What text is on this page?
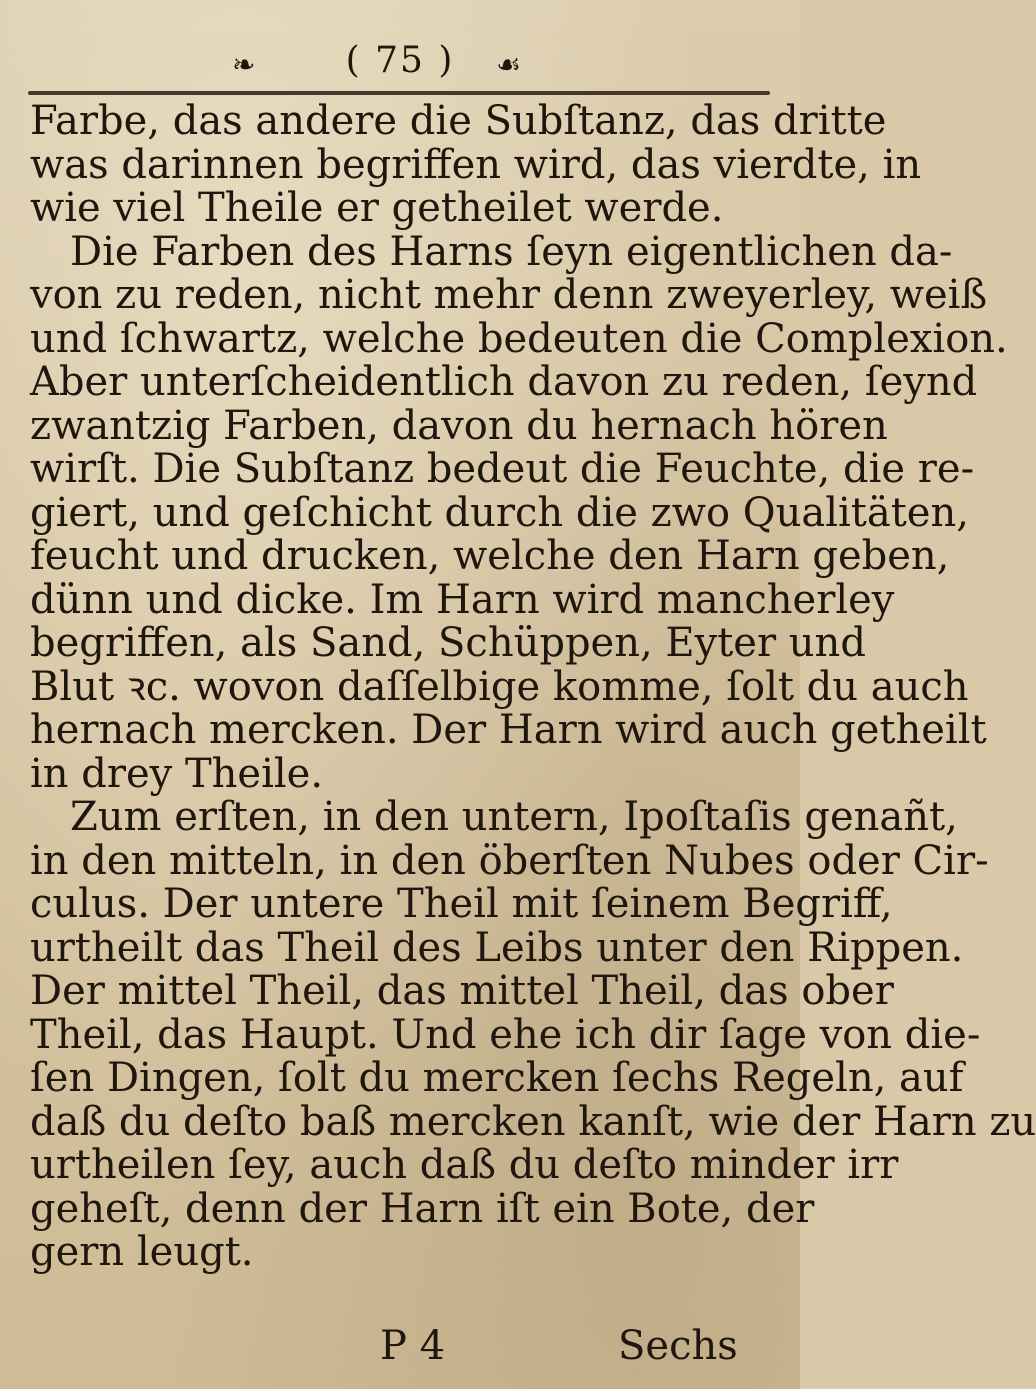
❧	( 75 )	☙
Farbe, das andere die Subſtanz, das dritte
was darinnen begriffen wird, das vierdte, in
wie viel Theile er getheilet werde.
Die Farben des Harns ſeyn eigentlichen da-
von zu reden, nicht mehr denn zweyerley, weiß
und ſchwartz, welche bedeuten die Complexion.
Aber unterſcheidentlich davon zu reden, ſeynd
zwantzig Farben, davon du hernach hören
wirſt. Die Subſtanz bedeut die Feuchte, die re-
giert, und geſchicht durch die zwo Qualitäten,
feucht und drucken, welche den Harn geben,
dünn und dicke. Im Harn wird mancherley
begriffen, als Sand, Schüppen, Eyter und
Blut ꝛc. wovon daſſelbige komme, ſolt du auch
hernach mercken. Der Harn wird auch getheilt
in drey Theile.
Zum erſten, in den untern, Ipoſtaſis genañt,
in den mitteln, in den öberſten Nubes oder Cir-
culus. Der untere Theil mit ſeinem Begriff,
urtheilt das Theil des Leibs unter den Rippen.
Der mittel Theil, das mittel Theil, das ober
Theil, das Haupt. Und ehe ich dir ſage von die-
ſen Dingen, ſolt du mercken ſechs Regeln, auf
daß du deſto baß mercken kanſt, wie der Harn zu
urtheilen ſey, auch daß du deſto minder irr
geheſt, denn der Harn iſt ein Bote, der
gern leugt.
P 4	Sechs
